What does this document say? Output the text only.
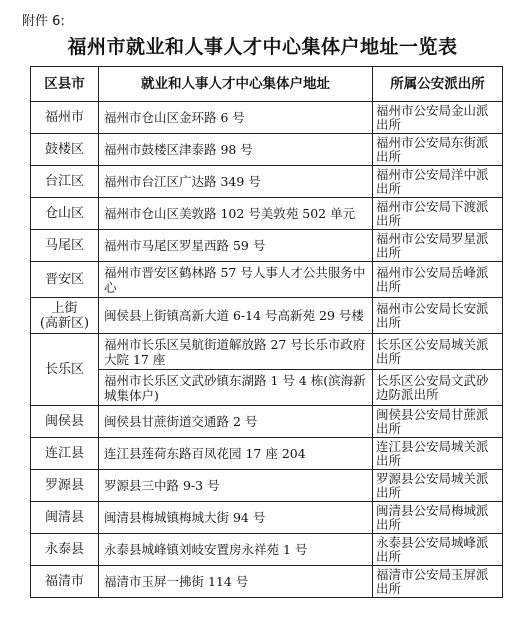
附件 6:
福州市就业和人事人才中心集体户地址一览表
区县市	就业和人事人才中心集体户地址	所属公安派出所
福州市	福州市仓山区金环路 6 号	福州市公安局金山派出所
鼓楼区	福州市鼓楼区津泰路 98 号	福州市公安局东街派出所
台江区	福州市台江区广达路 349 号	福州市公安局洋中派出所
仓山区	福州市仓山区美敦路 102 号美敦苑 502 单元	福州市公安局下渡派出所
马尾区	福州市马尾区罗星西路 59 号	福州市公安局罗星派出所
晋安区	福州市晋安区鹤林路 57 号人事人才公共服务中心	福州市公安局岳峰派出所
上街
(高新区)	闽侯县上街镇高新大道 6-14 号高新苑 29 号楼	福州市公安局长安派出所
长乐区	福州市长乐区吴航街道解放路 27 号长乐市政府大院 17 座	长乐区公安局城关派出所
	福州市长乐区文武砂镇东湖路 1 号 4 栋(滨海新城集体户)	长乐区公安局文武砂边防派出所
闽侯县	闽侯县甘蔗街道交通路 2 号	闽侯县公安局甘蔗派出所
连江县	连江县莲荷东路百凤花园 17 座 204	连江县公安局城关派出所
罗源县	罗源县三中路 9-3 号	罗源县公安局城关派出所
闽清县	闽清县梅城镇梅城大街 94 号	闽清县公安局梅城派出所
永泰县	永泰县城峰镇刘岐安置房永祥苑 1 号	永泰县公安局城峰派出所
福清市	福清市玉屏一拂街 114 号	福清市公安局玉屏派出所
